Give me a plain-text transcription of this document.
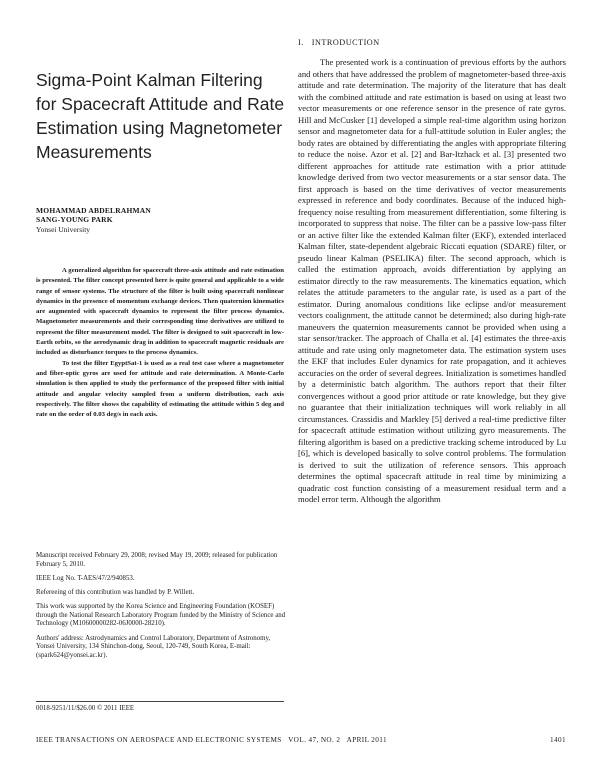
Sigma-Point Kalman Filtering for Spacecraft Attitude and Rate Estimation using Magnetometer Measurements
MOHAMMAD ABDELRAHMAN
SANG-YOUNG PARK
Yonsei University

A generalized algorithm for spacecraft three-axis attitude and rate estimation is presented. The filter concept presented here is quite general and applicable to a wide range of sensor systems. The structure of the filter is built using spacecraft nonlinear dynamics in the presence of momentum exchange devices. Then quaternion kinematics are augmented with spacecraft dynamics to represent the filter process dynamics. Magnetometer measurements and their corresponding time derivatives are utilized to represent the filter measurement model. The filter is designed to suit spacecraft in low-Earth orbits, so the aerodynamic drag in addition to spacecraft magnetic residuals are included as disturbance torques to the process dynamics.

To test the filter EgyptSat-1 is used as a real test case where a magnetometer and fiber-optic gyros are used for attitude and rate determination. A Monte-Carlo simulation is then applied to study the performance of the proposed filter with initial attitude and angular velocity sampled from a uniform distribution, each axis respectively. The filter shows the capability of estimating the attitude within 5 deg and rate on the order of 0.03 deg/s in each axis.

Manuscript received February 29, 2008; revised May 19, 2009; released for publication February 5, 2010.

IEEE Log No. T-AES/47/2/940853.

Refereeing of this contribution was handled by P. Willett.

This work was supported by the Korea Science and Engineering Foundation (KOSEF) through the National Research Laboratory Program funded by the Ministry of Science and Technology (M10600000282-06J0000-28210).

Authors' address: Astrodynamics and Control Laboratory, Department of Astronomy, Yonsei University, 134 Shinchon-dong, Seoul, 120-749, South Korea, E-mail: (spark624@yonsei.ac.kr).

0018-9251/11/$26.00 © 2011 IEEE
I. INTRODUCTION

The presented work is a continuation of previous efforts by the authors and others that have addressed the problem of magnetometer-based three-axis attitude and rate determination. The majority of the literature that has dealt with the combined attitude and rate estimation is based on using at least two vector measurements or one reference sensor in the presence of rate gyros. Hill and McCusker [1] developed a simple real-time algorithm using horizon sensor and magnetometer data for a full-attitude solution in Euler angles; the body rates are obtained by differentiating the angles with appropriate filtering to reduce the noise. Azor et al. [2] and Bar-Itzhack et al. [3] presented two different approaches for attitude rate estimation with a prior attitude knowledge derived from two vector measurements or a star sensor data. The first approach is based on the time derivatives of vector measurements expressed in reference and body coordinates. Because of the induced high-frequency noise resulting from measurement differentiation, some filtering is incorporated to suppress that noise. The filter can be a passive low-pass filter or an active filter like the extended Kalman filter (EKF), extended interlaced Kalman filter, state-dependent algebraic Riccati equation (SDARE) filter, or pseudo linear Kalman (PSELIKA) filter. The second approach, which is called the estimation approach, avoids differentiation by applying an estimator directly to the raw measurements. The kinematics equation, which relates the attitude parameters to the angular rate, is used as a part of the estimator. During anomalous conditions like eclipse and/or measurement vectors coalignment, the attitude cannot be determined; also during high-rate maneuvers the quaternion measurements cannot be provided when using a star sensor/tracker. The approach of Challa et al. [4] estimates the three-axis attitude and rate using only magnetometer data. The estimation system uses the EKF that includes Euler dynamics for rate propagation, and it achieves accuracies on the order of several degrees. Initialization is sometimes handled by a deterministic batch algorithm. The authors report that their filter convergences without a good prior attitude or rate knowledge, but they give no guarantee that their initialization techniques will work reliably in all circumstances. Crassidis and Markley [5] derived a real-time predictive filter for spacecraft attitude estimation without utilizing gyro measurements. The filtering algorithm is based on a predictive tracking scheme introduced by Lu [6], which is developed basically to solve control problems. The formulation is derived to suit the utilization of reference sensors. This approach determines the optimal spacecraft attitude in real time by minimizing a quadratic cost function consisting of a measurement residual term and a model error term. Although the algorithm

IEEE TRANSACTIONS ON AEROSPACE AND ELECTRONIC SYSTEMS   VOL. 47, NO. 2   APRIL 2011	1401
